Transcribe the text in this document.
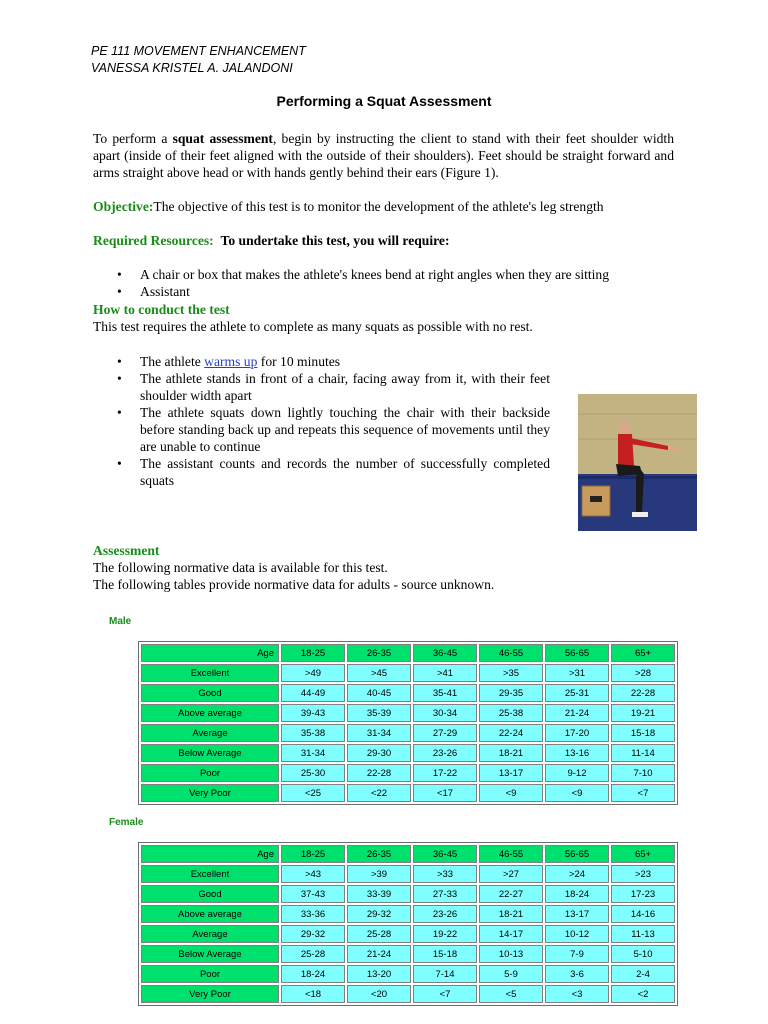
PE 111 MOVEMENT ENHANCEMENT
VANESSA KRISTEL A. JALANDONI
Performing a Squat Assessment
To perform a squat assessment, begin by instructing the client to stand with their feet shoulder width apart (inside of their feet aligned with the outside of their shoulders). Feet should be straight forward and arms straight above head or with hands gently behind their ears (Figure 1).
Objective:The objective of this test is to monitor the development of the athlete's leg strength
Required Resources: To undertake this test, you will require:
• A chair or box that makes the athlete's knees bend at right angles when they are sitting
• Assistant
How to conduct the test
This test requires the athlete to complete as many squats as possible with no rest.
• The athlete warms up for 10 minutes
• The athlete stands in front of a chair, facing away from it, with their feet shoulder width apart
• The athlete squats down lightly touching the chair with their backside before standing back up and repeats this sequence of movements until they are unable to continue
• The assistant counts and records the number of successfully completed squats
Assessment
The following normative data is available for this test.
The following tables provide normative data for adults - source unknown.
Male
Age	18-25	26-35	36-45	46-55	56-65	65+
Excellent	>49	>45	>41	>35	>31	>28
Good	44-49	40-45	35-41	29-35	25-31	22-28
Above average	39-43	35-39	30-34	25-38	21-24	19-21
Average	35-38	31-34	27-29	22-24	17-20	15-18
Below Average	31-34	29-30	23-26	18-21	13-16	11-14
Poor	25-30	22-28	17-22	13-17	9-12	7-10
Very Poor	<25	<22	<17	<9	<9	<7
Female
Age	18-25	26-35	36-45	46-55	56-65	65+
Excellent	>43	>39	>33	>27	>24	>23
Good	37-43	33-39	27-33	22-27	18-24	17-23
Above average	33-36	29-32	23-26	18-21	13-17	14-16
Average	29-32	25-28	19-22	14-17	10-12	11-13
Below Average	25-28	21-24	15-18	10-13	7-9	5-10
Poor	18-24	13-20	7-14	5-9	3-6	2-4
Very Poor	<18	<20	<7	<5	<3	<2
